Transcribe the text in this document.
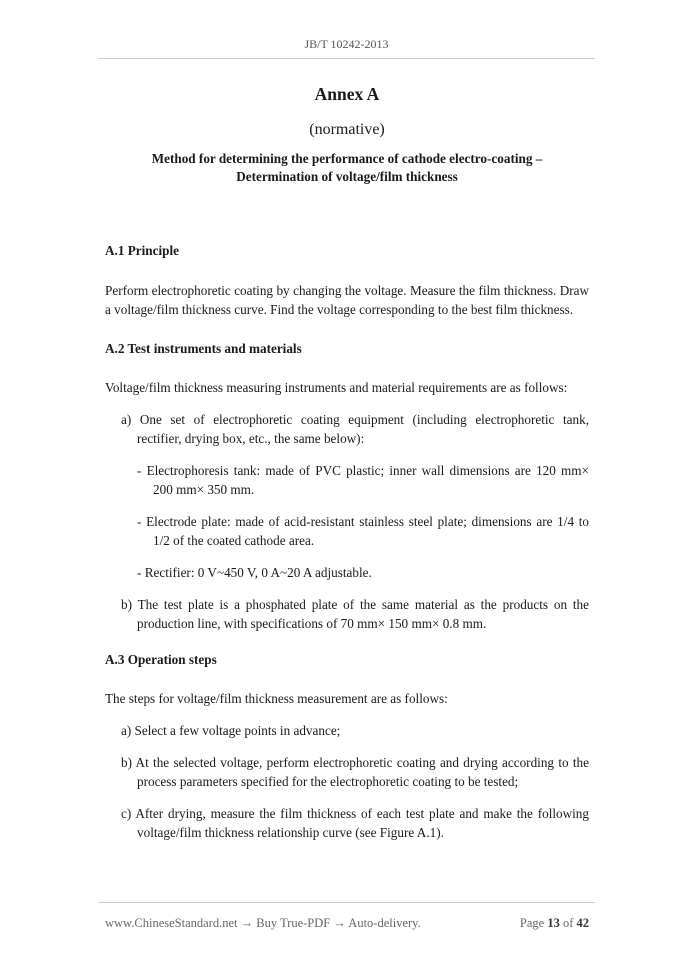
JB/T 10242-2013

Annex A

(normative)

Method for determining the performance of cathode electro-coating –

Determination of voltage/film thickness

A.1 Principle

Perform electrophoretic coating by changing the voltage. Measure the film thickness. Draw a voltage/film thickness curve. Find the voltage corresponding to the best film thickness.

A.2 Test instruments and materials

Voltage/film thickness measuring instruments and material requirements are as follows:

a) One set of electrophoretic coating equipment (including electrophoretic tank, rectifier, drying box, etc., the same below):

- Electrophoresis tank: made of PVC plastic; inner wall dimensions are 120 mm× 200 mm× 350 mm.

- Electrode plate: made of acid-resistant stainless steel plate; dimensions are 1/4 to 1/2 of the coated cathode area.

- Rectifier: 0 V~450 V, 0 A~20 A adjustable.

b) The test plate is a phosphated plate of the same material as the products on the production line, with specifications of 70 mm× 150 mm× 0.8 mm.

A.3 Operation steps

The steps for voltage/film thickness measurement are as follows:

a) Select a few voltage points in advance;

b) At the selected voltage, perform electrophoretic coating and drying according to the process parameters specified for the electrophoretic coating to be tested;

c) After drying, measure the film thickness of each test plate and make the following voltage/film thickness relationship curve (see Figure A.1).

www.ChineseStandard.net → Buy True-PDF → Auto-delivery.	Page 13 of 42
